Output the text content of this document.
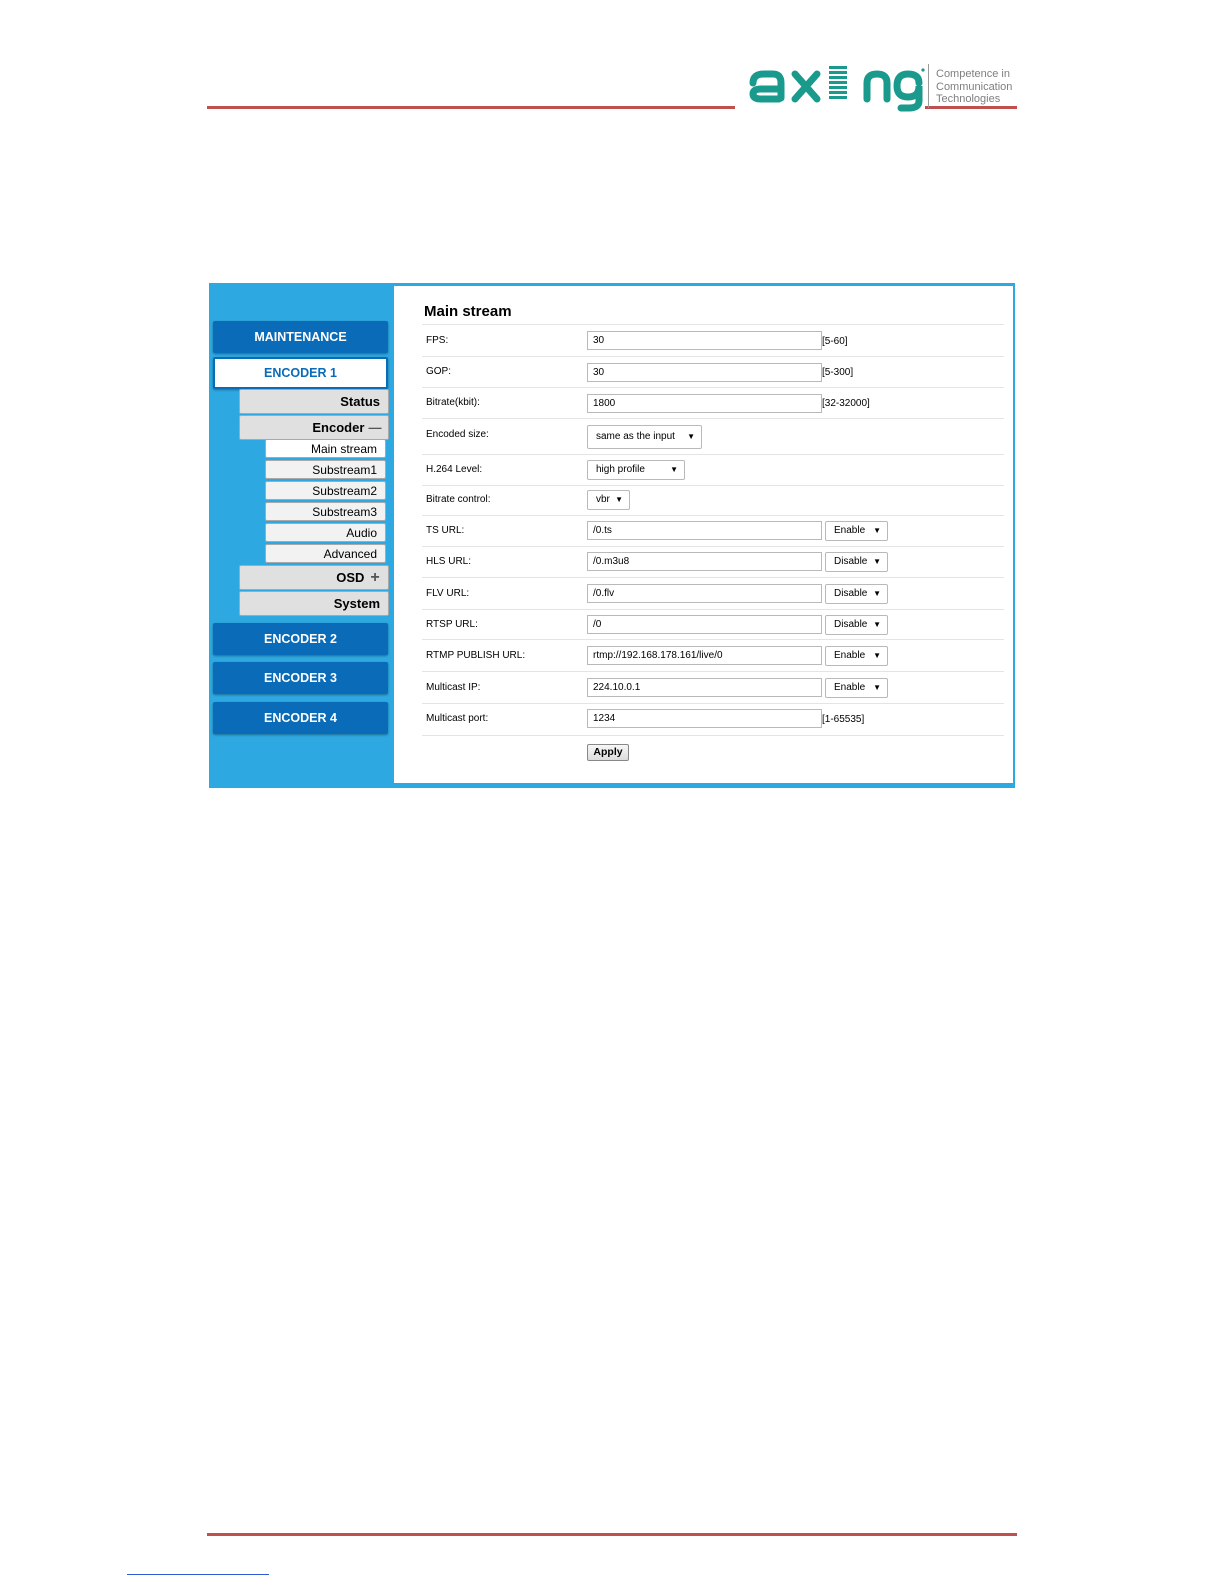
Competence in
Communication
Technologies
MAINTENANCE
ENCODER 1
Status
Encoder —
Main stream
Substream1
Substream2
Substream3
Audio
Advanced
OSD +
System
ENCODER 2
ENCODER 3
ENCODER 4
Main stream
FPS:	30	[5-60]
GOP:	30	[5-300]
Bitrate(kbit):	1800	[32-32000]
Encoded size:	same as the input ▼
H.264 Level:	high profile	▼
Bitrate control:	vbr ▼
TS URL:	/0.ts	Enable ▼
HLS URL:	/0.m3u8	Disable ▼
FLV URL:	/0.flv	Disable ▼
RTSP URL:	/0	Disable ▼
RTMP PUBLISH URL:	rtmp://192.168.178.161/live/0	Enable ▼
Multicast IP:	224.10.0.1	Enable ▼
Multicast port:	1234	[1-65535]
Apply
